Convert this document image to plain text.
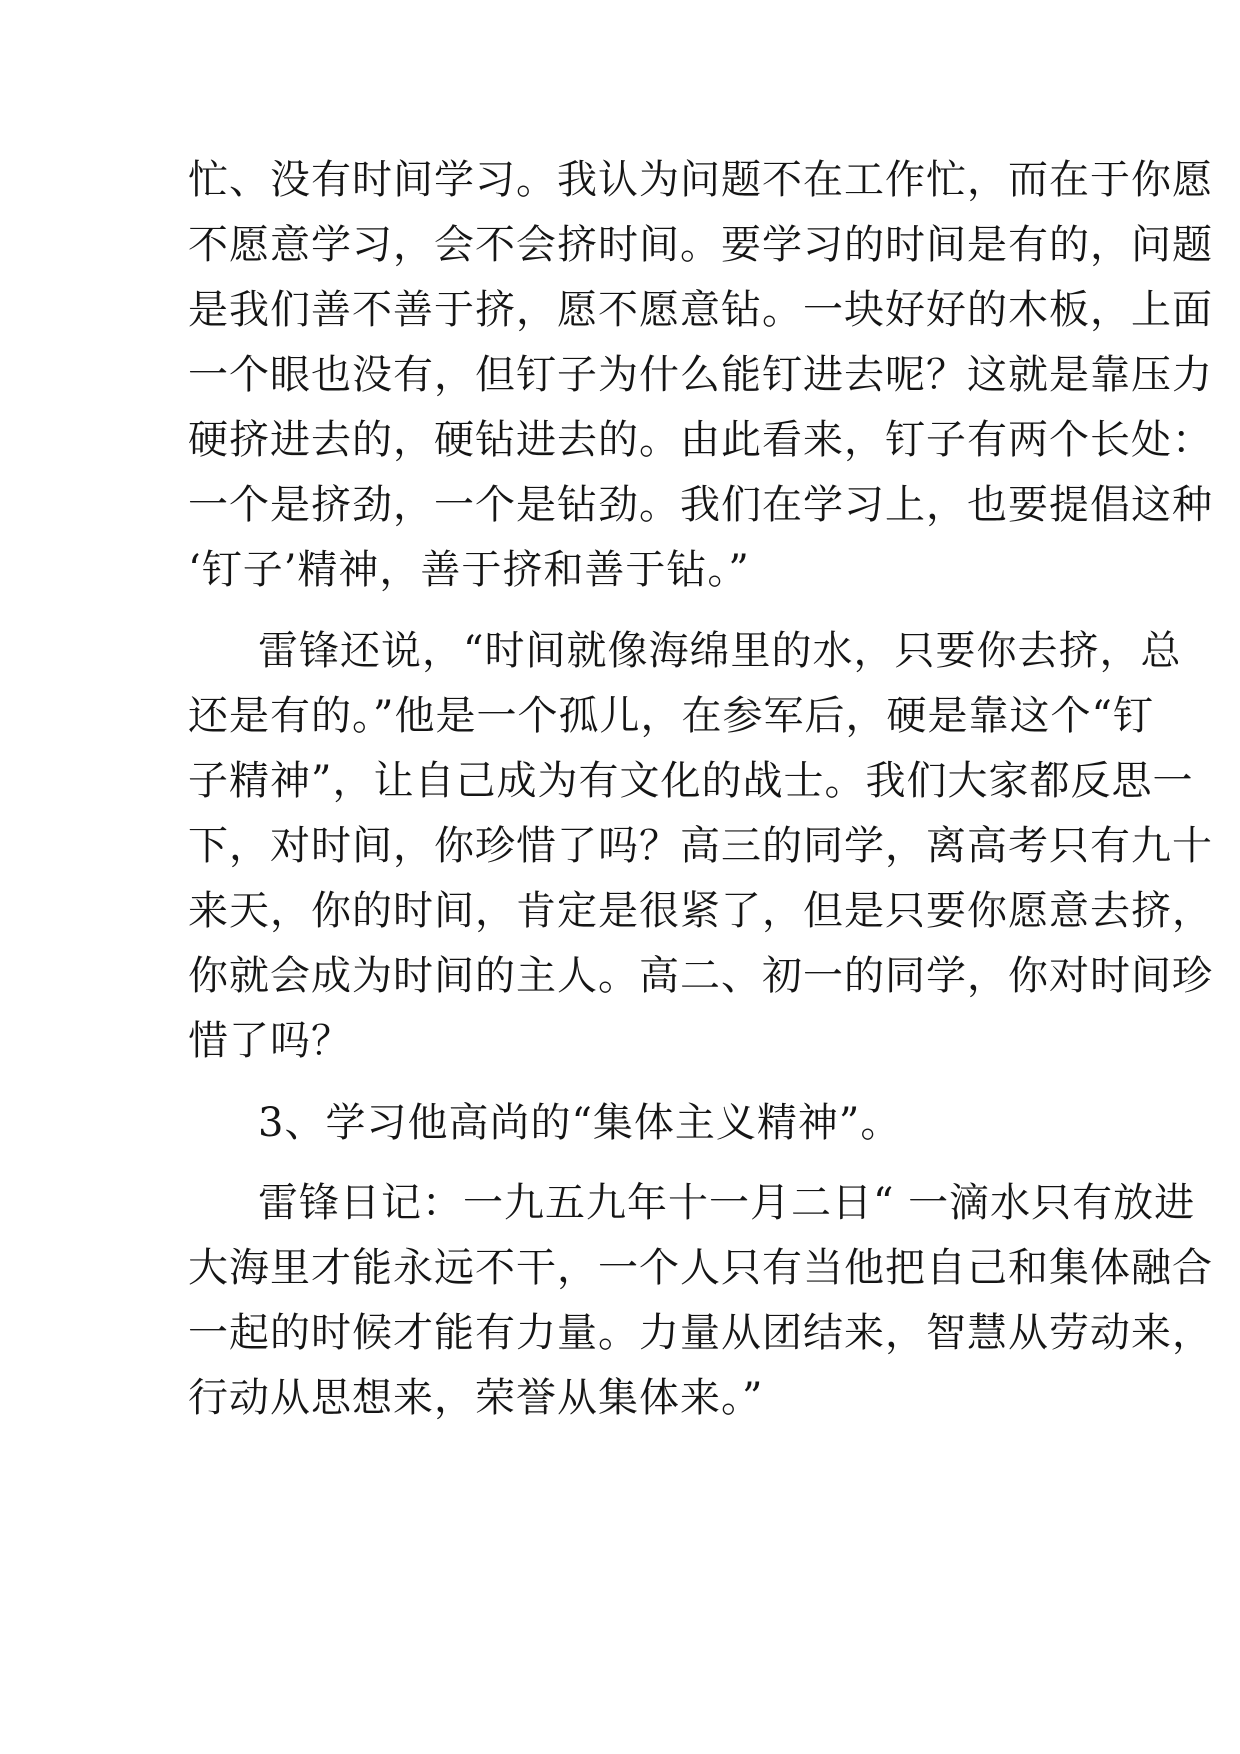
忙、没有时间学习。我认为问题不在工作忙，而在于你愿

不愿意学习，会不会挤时间。要学习的时间是有的，问题

是我们善不善于挤，愿不愿意钻。一块好好的木板，上面

一个眼也没有，但钉子为什么能钉进去呢？这就是靠压力

硬挤进去的，硬钻进去的。由此看来，钉子有两个长处：

一个是挤劲，一个是钻劲。我们在学习上，也要提倡这种

‘钉子’精神，善于挤和善于钻。”

雷锋还说，“时间就像海绵里的水，只要你去挤，总

还是有的。”他是一个孤儿，在参军后，硬是靠这个“钉

子精神”，让自己成为有文化的战士。我们大家都反思一

下，对时间，你珍惜了吗？高三的同学，离高考只有九十

来天，你的时间，肯定是很紧了，但是只要你愿意去挤，

你就会成为时间的主人。高二、初一的同学，你对时间珍

惜了吗？

3、学习他高尚的“集体主义精神”。

雷锋日记：一九五九年十一月二日“ 一滴水只有放进

大海里才能永远不干，一个人只有当他把自己和集体融合

一起的时候才能有力量。力量从团结来，智慧从劳动来，

行动从思想来，荣誉从集体来。”
